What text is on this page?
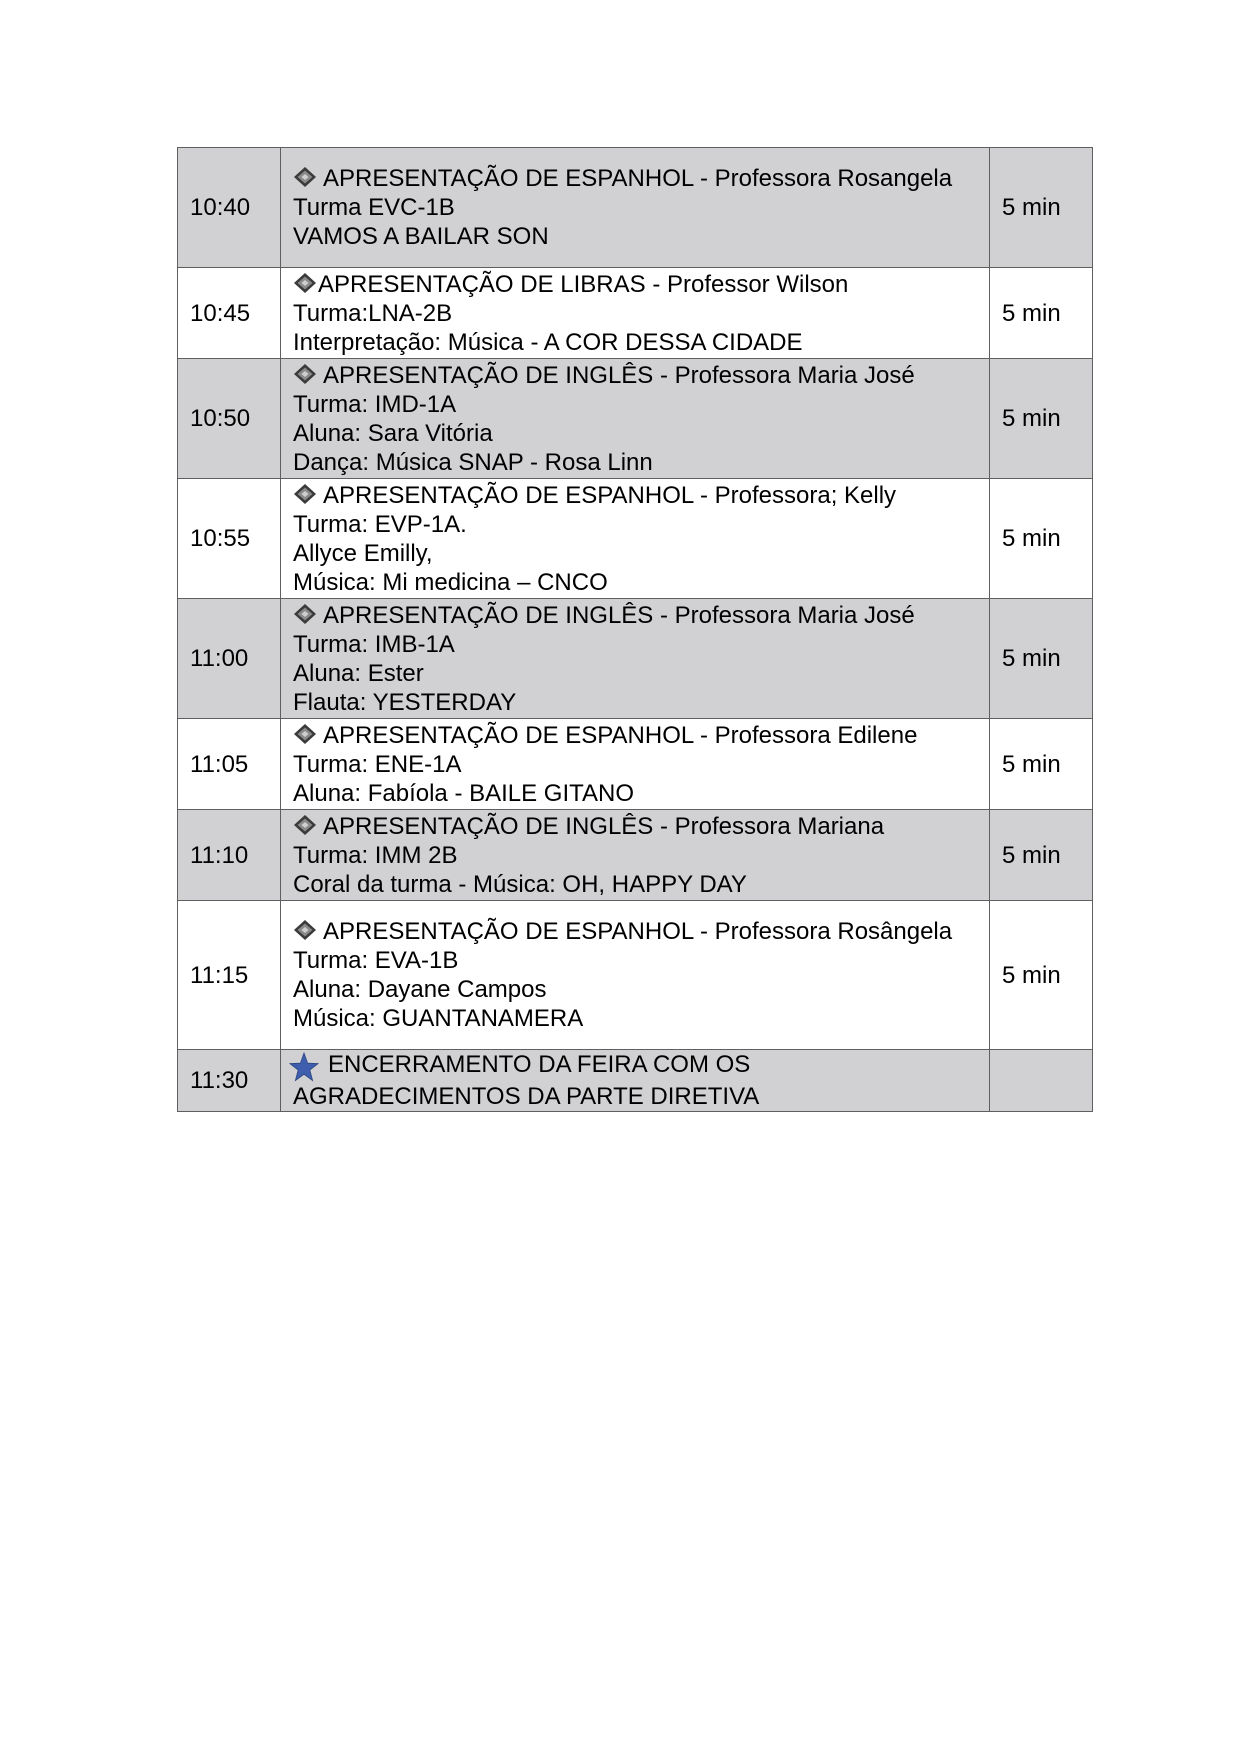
10:40	APRESENTAÇÃO DE ESPANHOL - Professora Rosangela
Turma EVC-1B
VAMOS A BAILAR SON	5 min
10:45	APRESENTAÇÃO DE LIBRAS - Professor Wilson
Turma:LNA-2B
Interpretação: Música - A COR DESSA CIDADE	5 min
10:50	APRESENTAÇÃO DE INGLÊS - Professora Maria José
Turma: IMD-1A
Aluna: Sara Vitória
Dança: Música SNAP - Rosa Linn	5 min
10:55	APRESENTAÇÃO DE ESPANHOL - Professora; Kelly
Turma: EVP-1A.
Allyce Emilly,
Música: Mi medicina – CNCO	5 min
11:00	APRESENTAÇÃO DE INGLÊS - Professora Maria José
Turma: IMB-1A
Aluna: Ester
Flauta: YESTERDAY	5 min
11:05	APRESENTAÇÃO DE ESPANHOL - Professora Edilene
Turma: ENE-1A
Aluna: Fabíola - BAILE GITANO	5 min
11:10	APRESENTAÇÃO DE INGLÊS - Professora Mariana
Turma: IMM 2B
Coral da turma - Música: OH, HAPPY DAY	5 min
11:15	APRESENTAÇÃO DE ESPANHOL - Professora Rosângela
Turma: EVA-1B
Aluna: Dayane Campos
Música: GUANTANAMERA	5 min
11:30	ENCERRAMENTO DA FEIRA COM OS AGRADECIMENTOS DA PARTE DIRETIVA	
